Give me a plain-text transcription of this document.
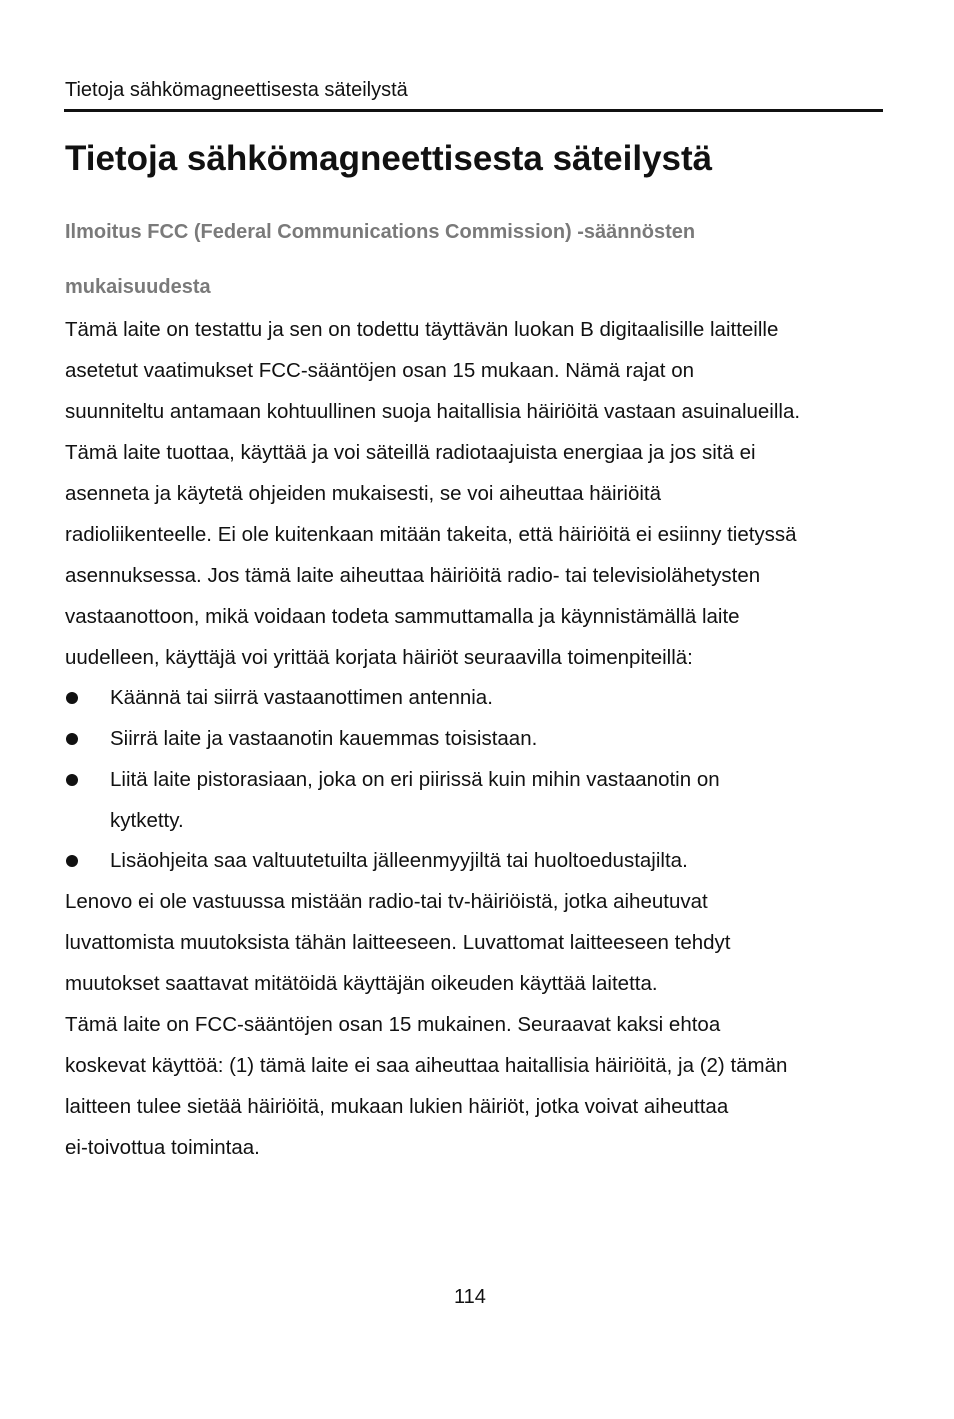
Tietoja sähkömagneettisesta säteilystä
Tietoja sähkömagneettisesta säteilystä
Ilmoitus FCC (Federal Communications Commission) -säännösten
mukaisuudesta
Tämä laite on testattu ja sen on todettu täyttävän luokan B digitaalisille laitteille
asetetut vaatimukset FCC-sääntöjen osan 15 mukaan. Nämä rajat on
suunniteltu antamaan kohtuullinen suoja haitallisia häiriöitä vastaan asuinalueilla.
Tämä laite tuottaa, käyttää ja voi säteillä radiotaajuista energiaa ja jos sitä ei
asenneta ja käytetä ohjeiden mukaisesti, se voi aiheuttaa häiriöitä
radioliikenteelle. Ei ole kuitenkaan mitään takeita, että häiriöitä ei esiinny tietyssä
asennuksessa. Jos tämä laite aiheuttaa häiriöitä radio- tai televisiolähetysten
vastaanottoon, mikä voidaan todeta sammuttamalla ja käynnistämällä laite
uudelleen, käyttäjä voi yrittää korjata häiriöt seuraavilla toimenpiteillä:
Käännä tai siirrä vastaanottimen antennia.
Siirrä laite ja vastaanotin kauemmas toisistaan.
Liitä laite pistorasiaan, joka on eri piirissä kuin mihin vastaanotin on
kytketty.
Lisäohjeita saa valtuutetuilta jälleenmyyjiltä tai huoltoedustajilta.
Lenovo ei ole vastuussa mistään radio-tai tv-häiriöistä, jotka aiheutuvat
luvattomista muutoksista tähän laitteeseen. Luvattomat laitteeseen tehdyt
muutokset saattavat mitätöidä käyttäjän oikeuden käyttää laitetta.
Tämä laite on FCC-sääntöjen osan 15 mukainen. Seuraavat kaksi ehtoa
koskevat käyttöä: (1) tämä laite ei saa aiheuttaa haitallisia häiriöitä, ja (2) tämän
laitteen tulee sietää häiriöitä, mukaan lukien häiriöt, jotka voivat aiheuttaa
ei-toivottua toimintaa.
114
